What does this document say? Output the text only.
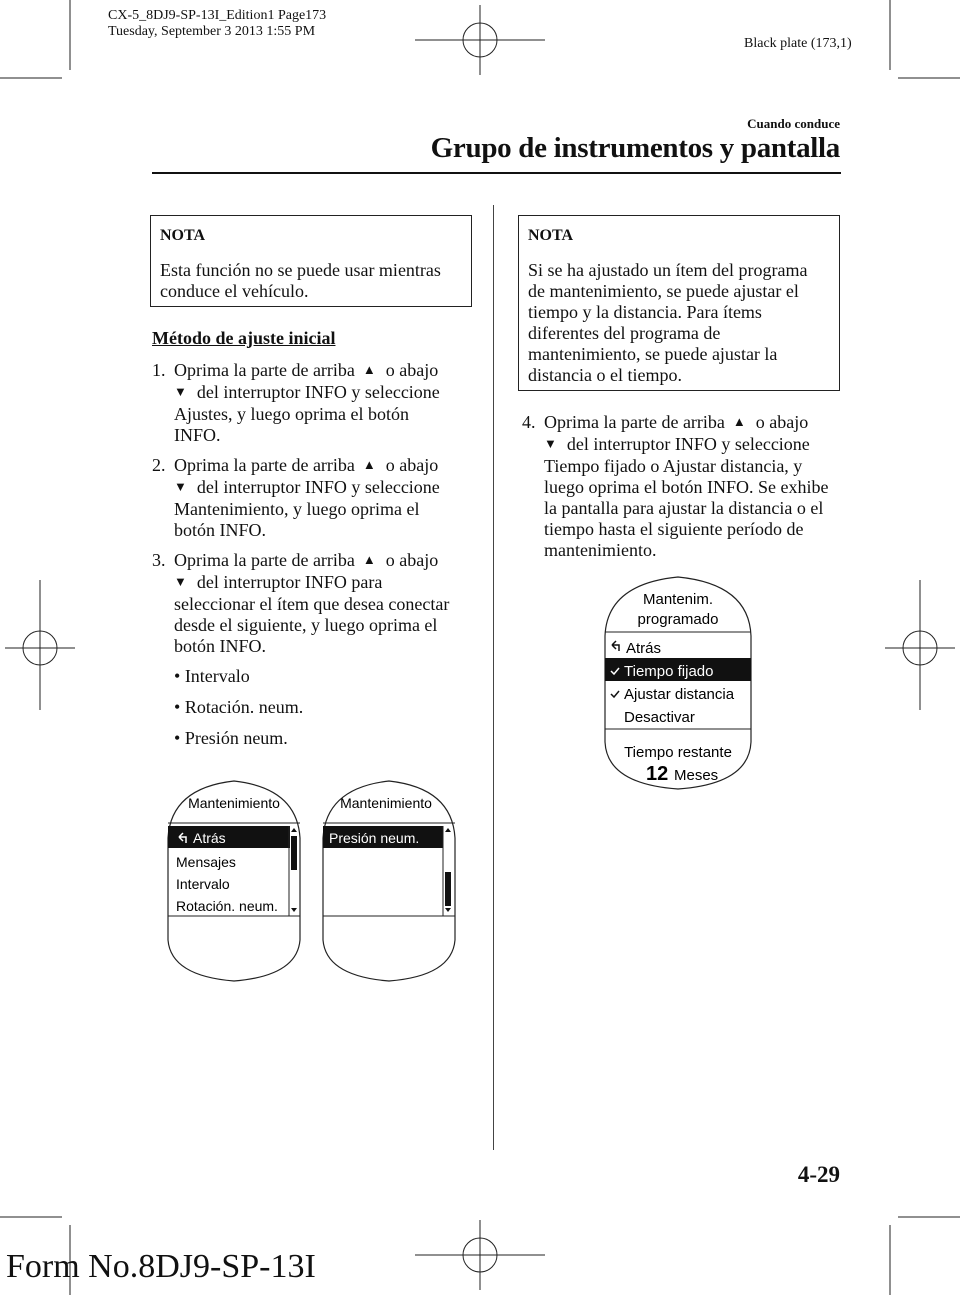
CX-5_8DJ9-SP-13I_Edition1 Page173
Tuesday, September 3 2013 1:55 PM
Black plate (173,1)
Cuando conduce
Grupo de instrumentos y pantalla
NOTA
Esta función no se puede usar mientras
conduce el vehículo.
Método de ajuste inicial
1. Oprima la parte de arriba ▲ o abajo
▼ del interruptor INFO y seleccione
Ajustes, y luego oprima el botón
INFO.
2. Oprima la parte de arriba ▲ o abajo
▼ del interruptor INFO y seleccione
Mantenimiento, y luego oprima el
botón INFO.
3. Oprima la parte de arriba ▲ o abajo
▼ del interruptor INFO para
seleccionar el ítem que desea conectar
desde el siguiente, y luego oprima el
botón INFO.
• Intervalo
• Rotación. neum.
• Presión neum.
Mantenimiento
Atrás
Mensajes
Intervalo
Rotación. neum.
Mantenimiento
Presión neum.
NOTA
Si se ha ajustado un ítem del programa
de mantenimiento, se puede ajustar el
tiempo y la distancia. Para ítems
diferentes del programa de
mantenimiento, se puede ajustar la
distancia o el tiempo.
4. Oprima la parte de arriba ▲ o abajo
▼ del interruptor INFO y seleccione
Tiempo fijado o Ajustar distancia, y
luego oprima el botón INFO. Se exhibe
la pantalla para ajustar la distancia o el
tiempo hasta el siguiente período de
mantenimiento.
Mantenim.
programado
Atrás
Tiempo fijado
Ajustar distancia
Desactivar
Tiempo restante
12 Meses
4-29
Form No.8DJ9-SP-13I
